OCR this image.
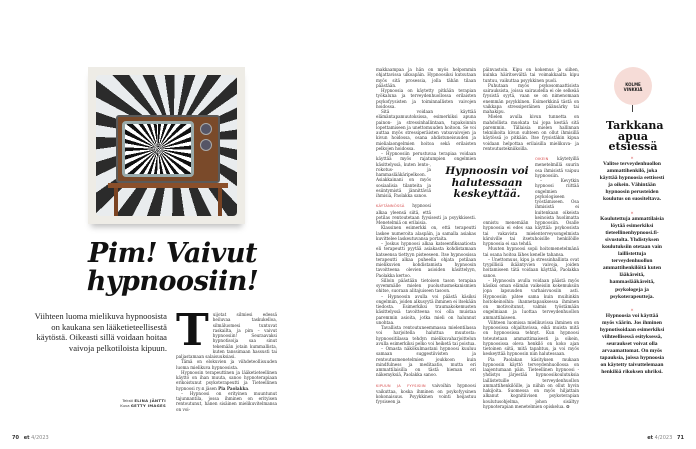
Pim! Vaivut
hypnoosiin!

Viihteen luoma mielikuva hypnoosista on kaukana sen lääketieteellisestä käytöstä. Oikeasti sillä voidaan hoitaa vaivoja pelkotiloista kipuun.

Teksti ELINA JÄNTTI
Kuva GETTY IMAGES

Tuijotat silmiesi edessä heiluvaa taskukelloa, silmäluomesi tuntuvat raskailta, ja pim – vaivut hypnoosiin! Seuraavaksi hypnotisoija saa sinut tekemään jotain kummallista, kuten tanssimaan hassusti tai paljastamaan salaisuuksiasi.

Tämä on elokuvien ja viihdeteollisuuden luoma mielikuva hypnoosista.

Hypnoosin terapeuttinen ja lääketieteellinen käyttö on ihan muuta, sanoo hypnoterapiaan erikoistunut psykoterapeutti ja Tieteellinen hypnoosi ry:n jäsen Pia Paolakka.

– Hypnoosi on erityinen muuntunut tajunnantila, jossa ihminen on erityisen rentoutunut, hänen sisäinen mielikuvitelmansa on voi-

makkaampaa ja hän on myös helpommin ohjattavissa ulkoapäin. Hypnoosiksi kutsutaan myös sitä prosessia, jolla tähän tilaan päästään.

Hypnoosia on käytetty pitkään terapian työkaluna ja terveydenhuollossa erilaisten psykofyysisten ja toiminnallisten vaivojen hoidossa.

Sitä voidaan käyttää elämäntapamuutoksissa, esimerkiksi apuna painon- ja stressinhallintaan, tupakoinnin lopettamiseen ja unettomuuden hoitoon. Se voi auttaa myös stressiperäisten vatsavaivojen ja kivun hoidossa, osana ahdistuneisuuden ja mielialaongelmien hoitoa sekä erilaisten pelkojen hoidossa.

– Hypnoosiin perustuvaa terapiaa voidaan käyttää myös rajatumpien ongelmien käsittelyssä, kuten lento-, rokotus- ja hammaslääkäripelkoon. Asiakkainani on myös sosiaalisia tilanteita ja esiintymistä jännittäviä ihmisiä, Paolakka sanoo.

KÄYTÄNNÖSSÄ hypnoosi alkaa yleensä siitä, että potilas rentoutetaan fyysisesti ja psyykkisesti. Menetelmiä on erilaisia.

Klassinen esimerkki on, että terapeutti laskee numeroita alaspäin, ja samalla asiakas kuvittelee laskeutuvansa portaita.

– Joskus hypnoosi alkaa katseenfiksaatiosta eli terapeutti pyytää asiakasta kohdistamaan katseensa tiettyyn pisteeseen. Itse hypnoosissa terapeutti alkaa puheella ohjata potilaan mielikuvien kohdistamista hypnoosin tavoitteena olevien asioiden käsittelyyn, Paolakka kertoo.

Silloin päästään tietoisen tason terapiaa syvemmälle mielen puolustusmekanismien ohitse, suoraan alitajuiseen tasoon.

– Hypnoosin avulla voi päästä käsiksi ongelmiin, joiden alkusyytä ihminen ei itsekään tiedosta. Esimerkiksi traumakokemusten käsittelyssä tavoitteena voi olla muistaa paremmin asioita, jotka mieli on halunnut unohtaa.

Tavallista rentoutuneemmassa mielentilassa voi harjoitella haluttua muutosta: hypnoositilassa tehdyn mielikuvaharjoittelun avulla esimerkiksi pelko voi heiketä tai poistua.

– Omasta näkökulmastani hypnoosi kuuluu samaan suggestiivisten ja rentoutusmenetelmien joukkoon kuin mindfulness ja meditaatio, mutta eri ammattilaisilla on tästä hieman eri näkemyksiä, Paolakka sanoo.

KIPUUN JA FYYSISIIN vaivoihin hypnoosi vaikuttaa, koska ihminen on psykofyysinen kokonaisuus. Psyykkinen vointi heijastuu fyysiseen ja

päinvastoin. Kipu on kokemus ja siihen, kuinka häiritsevältä tai voimakkaalta kipu tuntuu, vaikuttaa psyykkinen puoli.

Puhutaan myös psykosomaattisista sairauksista, joissa sairaudella ei ole selkeää fyysistä syytä, vaan se on nimenomaan enemmän psyykkinen. Esimerkkinä tästä on vaikkapa stressiperäinen päänsärky tai mahakipu.

Mielen avulla kivun tunnetta on mahdollista muokata tai jopa kestää sitä paremmin. Tällaisia mielen hallinnan tekniikoita kivun suhteen on ollut ihmisillä käytössä jo pitkään. Itse fyysistäkin kipua voidaan helpottaa erilaisilla mielikuva- ja rentoutustekniikoilla.

OIKEIN käytetyillä menetelmillä suurin osa ihmisistä vaipuu hypnoosiin.

– Kevytkin hypnoosi riittää ongelmien psykologiseen työstämiseen. Osa ihmisistä ei kuitenkaan oikeista keinoista huolimatta onnistu menemään hypnoosiin. Osalle hypnoosia ei edes saa käyttää: psykoosista tai vakavista mielenterveysongelmista kärsiville tai itsetuhoisille henkilöille hypnoosia ei saa tehdä.

Muuten hypnoosi sopii hoitomenetelmänä tai osana hoitoa lähes kenelle tahansa.

– Unettomuus, kipu ja stressinhallinta ovat tyypillisiä ikääntyvien vaivoja, joiden hoitamiseen tätä voidaan käyttää, Paolakka sanoo.

– Hypnoosin avulla voidaan päästä myös käsiksi oman elämän vaikeisiin kokemuksiin jopa lapsuuden varhaisvuosiin asti. Hypnoosiin pätee sama kuin muihinkin hoitokeinoihin: ihannetapauksessa ihminen on motivoitunut, valmis työstämään ongelmiaan ja luottaa terveydenhuollon ammattilaiseen.

Viihteen luomissa mielikuvissa ihminen on hypnoosissa ohjailtavissa, eikä muista mitä on hypnoosissa tehnyt. Kun hypnoosi toteutetaan ammattimaisesti ja oikein, hypnoosissa oleva henkilö on koko ajan tietoinen siitä, mitä tapahtuu, ja voi myös keskeyttää hypnoosin niin halutessaan.

Pia Paolakan käsityksen mukaan hypnoosin käyttö terveydenhuollossa on laajentumaan päin. Tieteellinen hypnoosi -yhdistys järjestää hypnoosikoulutuksia laillistetuille terveydenhuollon ammattihenkilöille, ja niihin on ollut hyvin hakijoita. Suomessa on myös hiljattain alkanut kognitiivisen psykoterapian koulutusohjelma, johon sisältyy hypnoterapian menetelmien opiskelua. ❂

Hypnoosin voi halutessaan keskeyttää.
KOLME VINKKIÄ
Tarkkana apua etsiessä
×

Valitse terveydenhuollon ammattihenkilö, joka käyttää hypnoosia eettisesti ja oikein. Vähintään hypnoosin perusteiden koulutus on suositeltava.

×

Koulutettuja ammattilaisia löytää esimerkiksi tieteellinenhypnoosi.fi-sivustolta. Yhdistyksen koulutuksiin otetaan vain laillistettuja terveydenhuollon ammattihenkilöitä kuten lääkäreitä, hammaslääkäreitä, psykologeja ja psykoterapeutteja.

×

Hypnoosia voi käyttää myös väärin. Jos ihminen hypnotisoidaan esimerkiksi viihteellisessä esityksessä, seuraukset voivat olla arvaamattomat. On myös tapauksia, joissa hypnoosia on käytetty taivuttelemaan henkilöä rikoksen uhriksi.

70 et 4/2023	et 4/2023 71
